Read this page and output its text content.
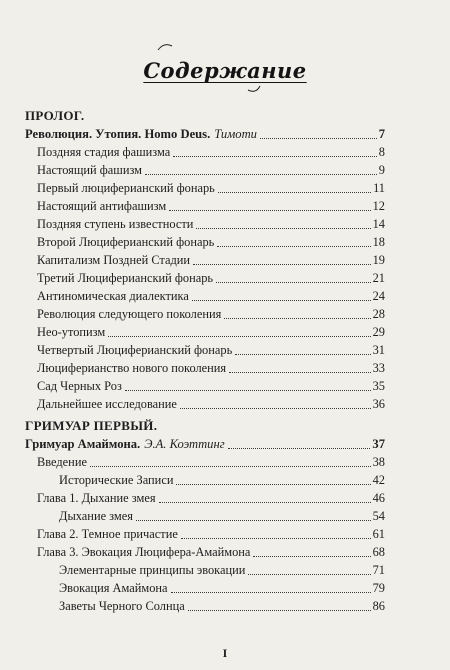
Содержание
ПРОЛОГ.
Революция. Утопия. Homo Deus. Тимоти	7
Поздняя стадия фашизма	8
Настоящий фашизм	9
Первый люциферианский фонарь	11
Настоящий антифашизм	12
Поздняя ступень известности	14
Второй Люциферианский фонарь	18
Капитализм Поздней Стадии	19
Третий Люциферианский фонарь	21
Антиномическая диалектика	24
Революция следующего поколения	28
Нео-утопизм	29
Четвертый Люциферианский фонарь	31
Люциферианство нового поколения	33
Сад Черных Роз	35
Дальнейшее исследование	36
ГРИМУАР ПЕРВЫЙ.
Гримуар Амаймона. Э.А. Коэттинг	37
Введение	38
Исторические Записи	42
Глава 1. Дыхание змея	46
Дыхание змея	54
Глава 2. Темное причастие	61
Глава 3. Эвокация Люцифера-Амаймона	68
Элементарные принципы эвокации	71
Эвокация Амаймона	79
Заветы Черного Солнца	86
I
